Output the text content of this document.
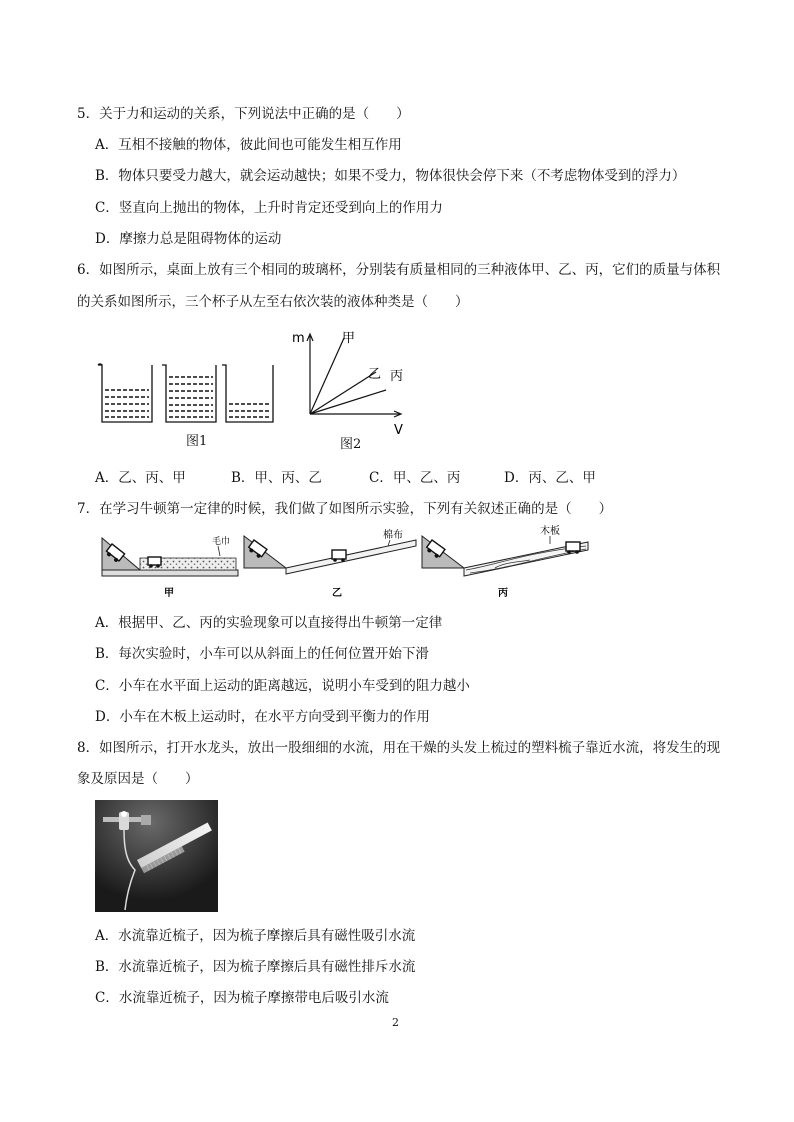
5．关于力和运动的关系，下列说法中正确的是（　　）
A．互相不接触的物体，彼此间也可能发生相互作用
B．物体只要受力越大，就会运动越快；如果不受力，物体很快会停下来（不考虑物体受到的浮力）
C．竖直向上抛出的物体，上升时肯定还受到向上的作用力
D．摩擦力总是阻碍物体的运动
6．如图所示，桌面上放有三个相同的玻璃杯，分别装有质量相同的三种液体甲、乙、丙，它们的质量与体积
的关系如图所示，三个杯子从左至右依次装的液体种类是（　　）
图1
m
V
甲
乙 丙
图2
A．乙、丙、甲	B．甲、丙、乙	C．甲、乙、丙	D．丙、乙、甲
7．在学习牛顿第一定律的时候，我们做了如图所示实验，下列有关叙述正确的是（　　）
毛巾
棉布	木板
甲	乙	丙
A．根据甲、乙、丙的实验现象可以直接得出牛顿第一定律
B．每次实验时，小车可以从斜面上的任何位置开始下滑
C．小车在水平面上运动的距离越远，说明小车受到的阻力越小
D．小车在木板上运动时，在水平方向受到平衡力的作用
8．如图所示，打开水龙头，放出一股细细的水流，用在干燥的头发上梳过的塑料梳子靠近水流，将发生的现
象及原因是（　　）
A．水流靠近梳子，因为梳子摩擦后具有磁性吸引水流
B．水流靠近梳子，因为梳子摩擦后具有磁性排斥水流
C．水流靠近梳子，因为梳子摩擦带电后吸引水流
2
